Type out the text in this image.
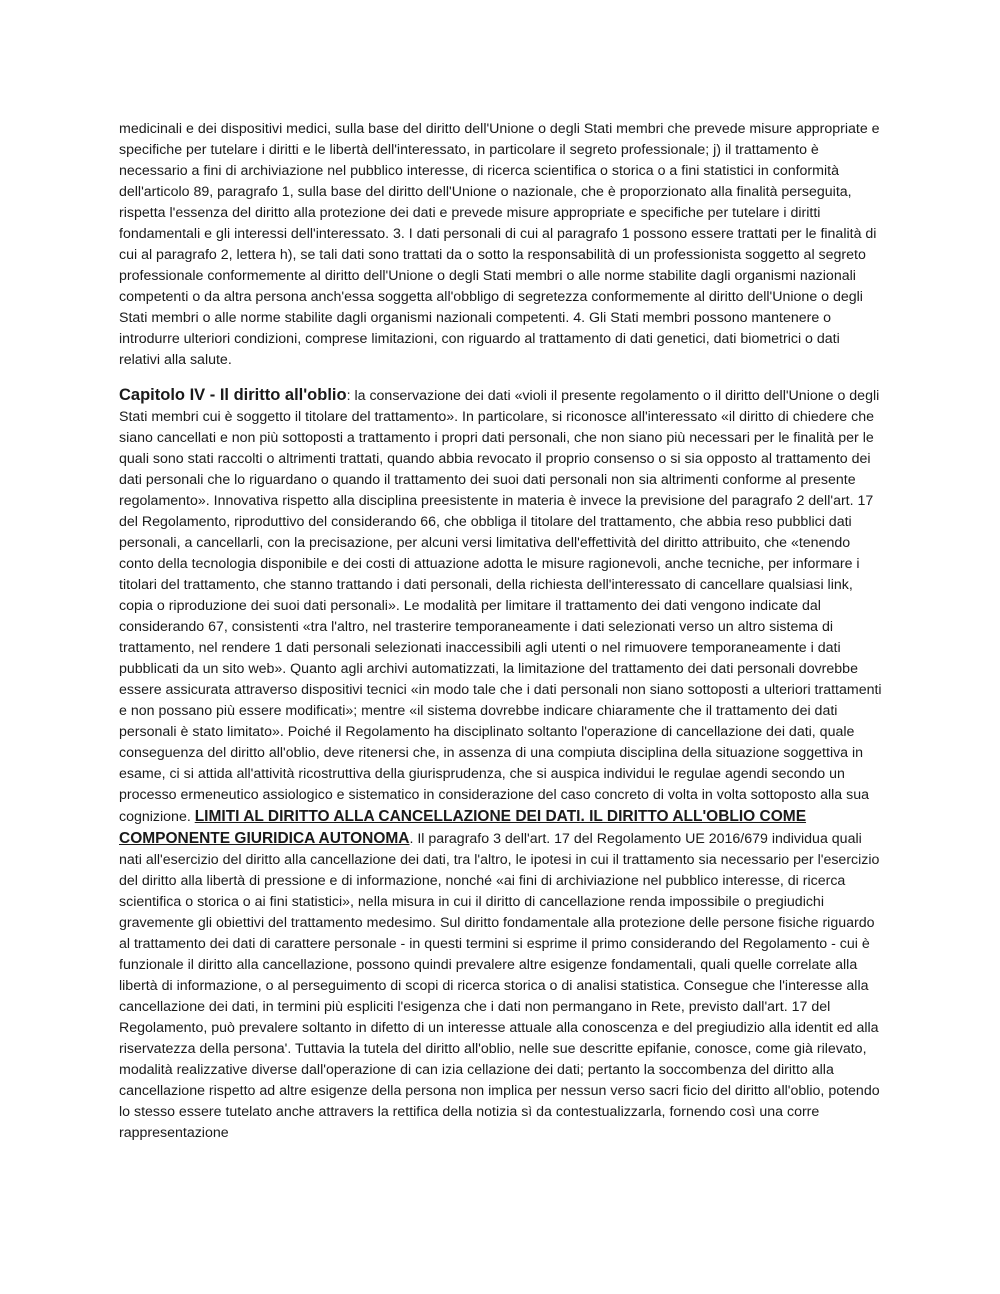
medicinali e dei dispositivi medici, sulla base del diritto dell'Unione o degli Stati membri che prevede misure appropriate e specifiche per tutelare i diritti e le libertà dell'interessato, in particolare il segreto professionale; j) il trattamento è necessario a fini di archiviazione nel pubblico interesse, di ricerca scientifica o storica o a fini statistici in conformità dell'articolo 89, paragrafo 1, sulla base del diritto dell'Unione o nazionale, che è proporzionato alla finalità perseguita, rispetta l'essenza del diritto alla protezione dei dati e prevede misure appropriate e specifiche per tutelare i diritti fondamentali e gli interessi dell'interessato. 3. I dati personali di cui al paragrafo 1 possono essere trattati per le finalità di cui al paragrafo 2, lettera h), se tali dati sono trattati da o sotto la responsabilità di un professionista soggetto al segreto professionale conformemente al diritto dell'Unione o degli Stati membri o alle norme stabilite dagli organismi nazionali competenti o da altra persona anch'essa soggetta all'obbligo di segretezza conformemente al diritto dell'Unione o degli Stati membri o alle norme stabilite dagli organismi nazionali competenti. 4. Gli Stati membri possono mantenere o introdurre ulteriori condizioni, comprese limitazioni, con riguardo al trattamento di dati genetici, dati biometrici o dati relativi alla salute.

Capitolo IV - Il diritto all'oblio: la conservazione dei dati «violi il presente regolamento o il diritto dell'Unione o degli Stati membri cui è soggetto il titolare del trattamento». In particolare, si riconosce all'interessato «il diritto di chiedere che siano cancellati e non più sottoposti a trattamento i propri dati personali, che non siano più necessari per le finalità per le quali sono stati raccolti o altrimenti trattati, quando abbia revocato il proprio consenso o si sia opposto al trattamento dei dati personali che lo riguardano o quando il trattamento dei suoi dati personali non sia altrimenti conforme al presente regolamento». Innovativa rispetto alla disciplina preesistente in materia è invece la previsione del paragrafo 2 dell'art. 17 del Regolamento, riproduttivo del considerando 66, che obbliga il titolare del trattamento, che abbia reso pubblici dati personali, a cancellarli, con la precisazione, per alcuni versi limitativa dell'effettività del diritto attribuito, che «tenendo conto della tecnologia disponibile e dei costi di attuazione adotta le misure ragionevoli, anche tecniche, per informare i titolari del trattamento, che stanno trattando i dati personali, della richiesta dell'interessato di cancellare qualsiasi link, copia o riproduzione dei suoi dati personali». Le modalità per limitare il trattamento dei dati vengono indicate dal considerando 67, consistenti «tra l'altro, nel trasterire temporaneamente i dati selezionati verso un altro sistema di trattamento, nel rendere 1 dati personali selezionati inaccessibili agli utenti o nel rimuovere temporaneamente i dati pubblicati da un sito web». Quanto agli archivi automatizzati, la limitazione del trattamento dei dati personali dovrebbe essere assicurata attraverso dispositivi tecnici «in modo tale che i dati personali non siano sottoposti a ulteriori trattamenti e non possano più essere modificati»; mentre «il sistema dovrebbe indicare chiaramente che il trattamento dei dati personali è stato limitato». Poiché il Regolamento ha disciplinato soltanto l'operazione di cancellazione dei dati, quale conseguenza del diritto all'oblio, deve ritenersi che, in assenza di una compiuta disciplina della situazione soggettiva in esame, ci si attida all'attività ricostruttiva della giurisprudenza, che si auspica individui le regulae agendi secondo un processo ermeneutico assiologico e sistematico in considerazione del caso concreto di volta in volta sottoposto alla sua cognizione. LIMITI AL DIRITTO ALLA CANCELLAZIONE DEI DATI. IL DIRITTO ALL'OBLIO COME COMPONENTE GIURIDICA AUTONOMA. Il paragrafo 3 dell'art. 17 del Regolamento UE 2016/679 individua quali nati all'esercizio del diritto alla cancellazione dei dati, tra l'altro, le ipotesi in cui il trattamento sia necessario per l'esercizio del diritto alla libertà di pressione e di informazione, nonché «ai fini di archiviazione nel pubblico interesse, di ricerca scientifica o storica o ai fini statistici», nella misura in cui il diritto di cancellazione renda impossibile o pregiudichi gravemente gli obiettivi del trattamento medesimo. Sul diritto fondamentale alla protezione delle persone fisiche riguardo al trattamento dei dati di carattere personale - in questi termini si esprime il primo considerando del Regolamento - cui è funzionale il diritto alla cancellazione, possono quindi prevalere altre esigenze fondamentali, quali quelle correlate alla libertà di informazione, o al perseguimento di scopi di ricerca storica o di analisi statistica. Consegue che l'interesse alla cancellazione dei dati, in termini più espliciti l'esigenza che i dati non permangano in Rete, previsto dall'art. 17 del Regolamento, può prevalere soltanto in difetto di un interesse attuale alla conoscenza e del pregiudizio alla identit ed alla riservatezza della persona'. Tuttavia la tutela del diritto all'oblio, nelle sue descritte epifanie, conosce, come già rilevato, modalità realizzative diverse dall'operazione di can izia cellazione dei dati; pertanto la soccombenza del diritto alla cancellazione rispetto ad altre esigenze della persona non implica per nessun verso sacri ficio del diritto all'oblio, potendo lo stesso essere tutelato anche attravers la rettifica della notizia sì da contestualizzarla, fornendo così una corre rappresentazione
